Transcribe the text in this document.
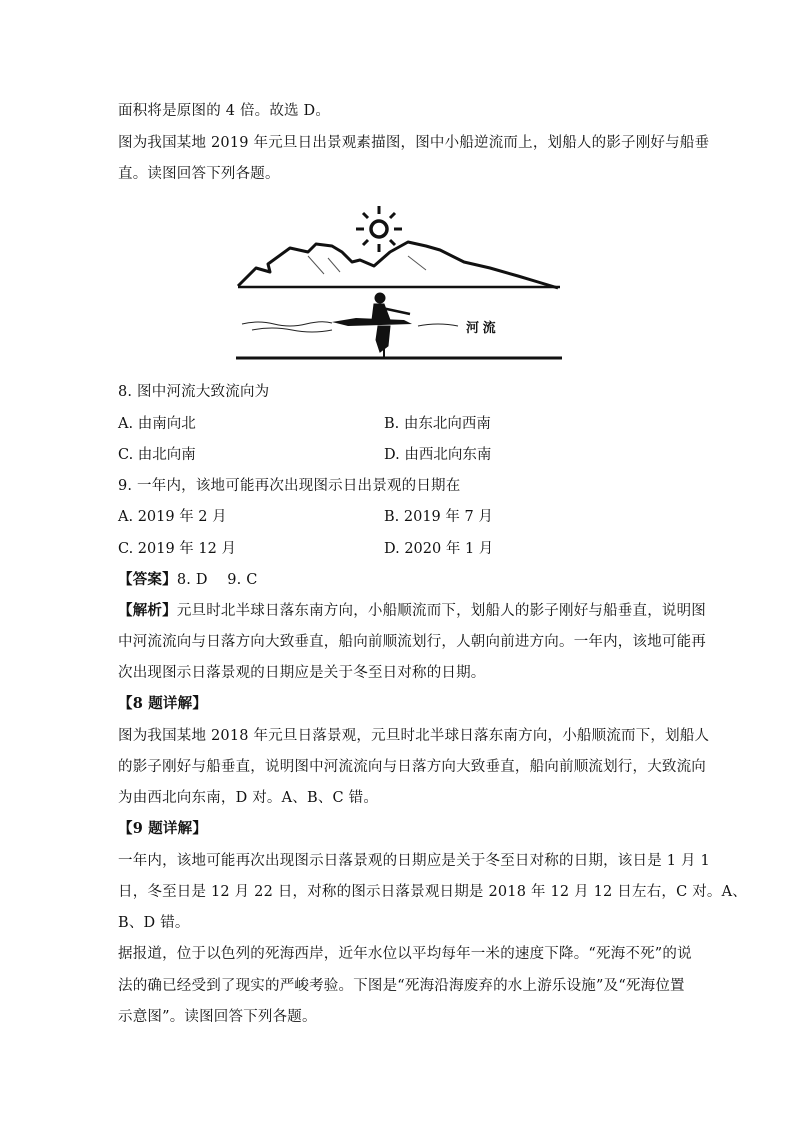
面积将是原图的 4 倍。故选 D。
图为我国某地 2019 年元旦日出景观素描图，图中小船逆流而上，划船人的影子刚好与船垂
直。读图回答下列各题。
河 流
8. 图中河流大致流向为
A. 由南向北	B. 由东北向西南
C. 由北向南	D. 由西北向东南
9. 一年内，该地可能再次出现图示日出景观的日期在
A. 2019 年 2 月	B. 2019 年 7 月
C. 2019 年 12 月	D. 2020 年 1 月
【答案】8. D　 9. C
【解析】元旦时北半球日落东南方向，小船顺流而下，划船人的影子刚好与船垂直，说明图
中河流流向与日落方向大致垂直，船向前顺流划行，人朝向前进方向。一年内，该地可能再
次出现图示日落景观的日期应是关于冬至日对称的日期。
【8 题详解】
图为我国某地 2018 年元旦日落景观，元旦时北半球日落东南方向，小船顺流而下，划船人
的影子刚好与船垂直，说明图中河流流向与日落方向大致垂直，船向前顺流划行，大致流向
为由西北向东南，D 对。A、B、C 错。
【9 题详解】
一年内，该地可能再次出现图示日落景观的日期应是关于冬至日对称的日期，该日是 1 月 1
日，冬至日是 12 月 22 日，对称的图示日落景观日期是 2018 年 12 月 12 日左右，C 对。A、
B、D 错。
据报道，位于以色列的死海西岸，近年水位以平均每年一米的速度下降。“死海不死”的说
法的确已经受到了现实的严峻考验。下图是“死海沿海废弃的水上游乐设施”及“死海位置
示意图”。读图回答下列各题。
